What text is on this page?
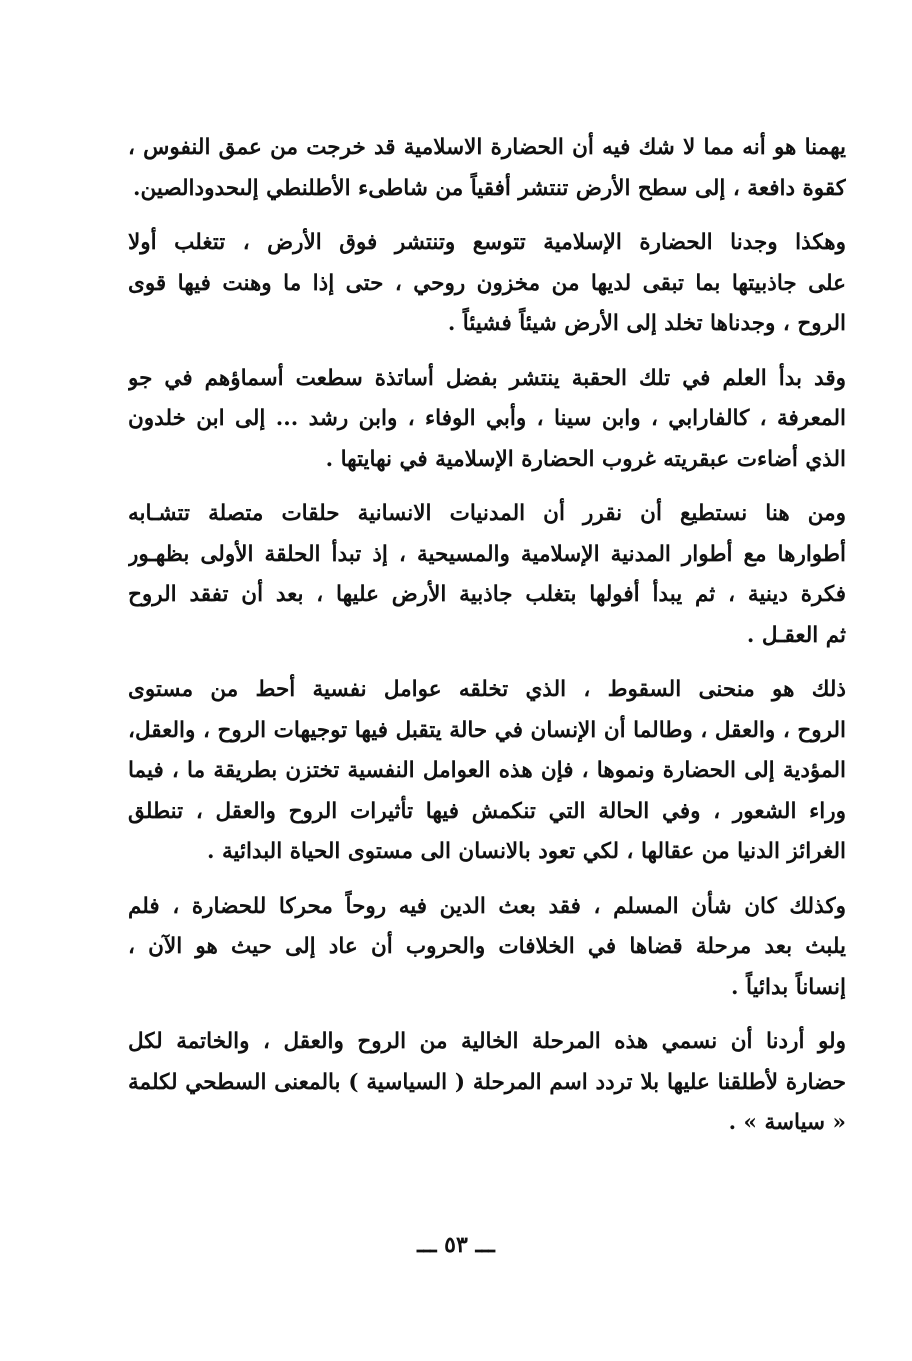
يهمنا هو أنه مما لا شك فيه أن الحضارة الاسلامية قد خرجت من عمق النفوس ،
كقوة دافعة ، إلى سطح الأرض تنتشر أفقياً من شاطىء الأطلنطي إلىحدودالصين.

وهكذا وجدنا الحضارة الإسلامية تتوسع وتنتشر فوق الأرض ، تتغلب أولا
على جاذبيتها بما تبقى لديها من مخزون روحي ، حتى إذا ما وهنت فيها قوى
الروح ، وجدناها تخلد إلى الأرض شيئاً فشيئاً .

وقد بدأ العلم في تلك الحقبة ينتشر بفضل أساتذة سطعت أسماؤهم في جو
المعرفة ، كالفارابي ، وابن سينا ، وأبي الوفاء ، وابن رشد ... إلى ابن خلدون
الذي أضاءت عبقريته غروب الحضارة الإسلامية في نهايتها .

ومن هنا نستطيع أن نقرر أن المدنيات الانسانية حلقات متصلة تتشـابه
أطوارها مع أطوار المدنية الإسلامية والمسيحية ، إذ تبدأ الحلقة الأولى بظهـور
فكرة دينية ، ثم يبدأ أفولها بتغلب جاذبية الأرض عليها ، بعد أن تفقد الروح
ثم العقـل .

ذلك هو منحنى السقوط ، الذي تخلقه عوامل نفسية أحط من مستوى
الروح ، والعقل ، وطالما أن الإنسان في حالة يتقبل فيها توجيهات الروح ، والعقل،
المؤدية إلى الحضارة ونموها ، فإن هذه العوامل النفسية تختزن بطريقة ما ، فيما
وراء الشعور ، وفي الحالة التي تنكمش فيها تأثيرات الروح والعقل ، تنطلق
الغرائز الدنيا من عقالها ، لكي تعود بالانسان الى مستوى الحياة البدائية .

وكذلك كان شأن المسلم ، فقد بعث الدين فيه روحاً محركا للحضارة ، فلم
يلبث بعد مرحلة قضاها في الخلافات والحروب أن عاد إلى حيث هو الآن ،
إنساناً بدائياً .

ولو أردنا أن نسمي هذه المرحلة الخالية من الروح والعقل ، والخاتمة لكل
حضارة لأطلقنا عليها بلا تردد اسم المرحلة ( السياسية ) بالمعنى السطحي لكلمة
« سياسة » .

ـــ ٥٣ ـــ
